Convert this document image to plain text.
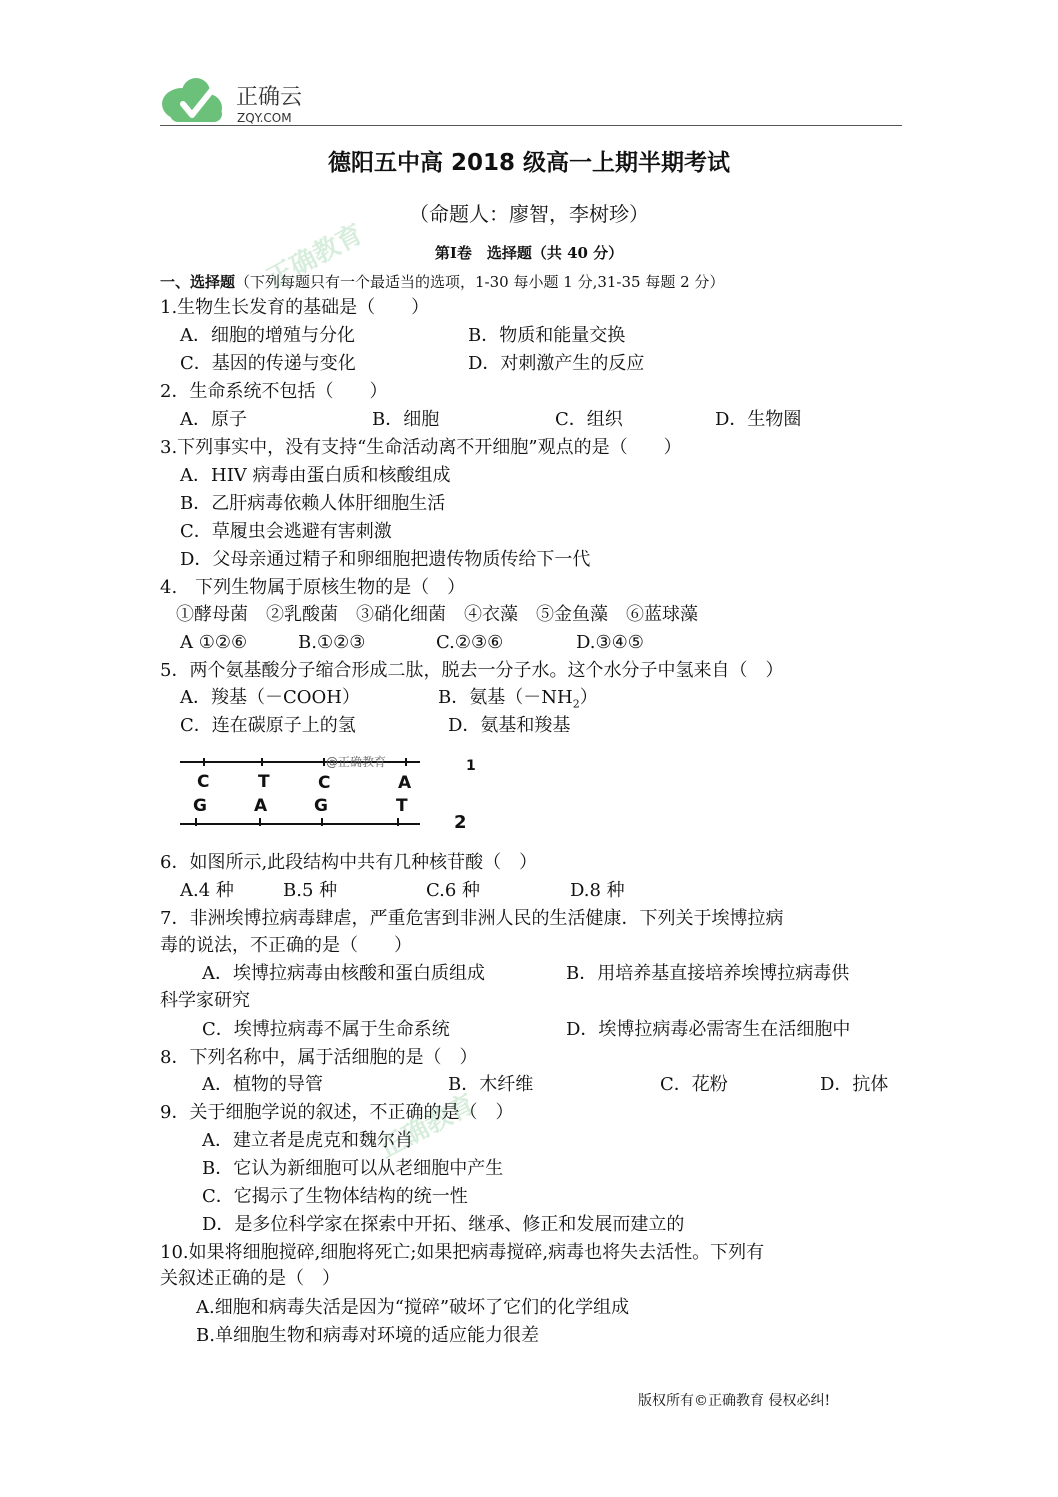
正确云
ZQY.COM
正确教育
正确教育
德阳五中高 2018 级高一上期半期考试
（命题人：廖智，李树珍）
第Ⅰ卷　选择题（共 40 分）
一、选择题（下列每题只有一个最适当的选项，1-30 每小题 1 分,31-35 每题 2 分）
1.生物生长发育的基础是（　　）
A．细胞的增殖与分化	B．物质和能量交换
C．基因的传递与变化	D．对刺激产生的反应
2．生命系统不包括（　　）
A．原子	B．细胞	C．组织	D．生物圈
3.下列事实中，没有支持“生命活动离不开细胞”观点的是（　　）
A．HIV 病毒由蛋白质和核酸组成
B．乙肝病毒依赖人体肝细胞生活
C．草履虫会逃避有害刺激
D．父母亲通过精子和卵细胞把遗传物质传给下一代
4.　下列生物属于原核生物的是（　）
①酵母菌　②乳酸菌　③硝化细菌　④衣藻　⑤金鱼藻　⑥蓝球藻
A ①②⑥	B.①②③	C.②③⑥	D.③④⑤
5．两个氨基酸分子缩合形成二肽，脱去一分子水。这个水分子中氢来自（　）
A．羧基（－COOH）	B．氨基$(-NH_2)$
C．连在碳原子上的氢	D．氨基和羧基
C	T	C	A
G	A	G	T
1
2
@正确教育
6．如图所示,此段结构中共有几种核苷酸（　）
A.4 种	B.5 种	C.6 种	D.8 种
7．非洲埃博拉病毒肆虐，严重危害到非洲人民的生活健康．下列关于埃博拉病
毒的说法，不正确的是（　　）
A．埃博拉病毒由核酸和蛋白质组成	B．用培养基直接培养埃博拉病毒供
科学家研究
C．埃博拉病毒不属于生命系统	D．埃博拉病毒必需寄生在活细胞中
8．下列名称中，属于活细胞的是（　）
A．植物的导管	B．木纤维	C．花粉	D．抗体
9．关于细胞学说的叙述，不正确的是（　）
A．建立者是虎克和魏尔肖
B．它认为新细胞可以从老细胞中产生
C．它揭示了生物体结构的统一性
D．是多位科学家在探索中开拓、继承、修正和发展而建立的
10.如果将细胞搅碎,细胞将死亡;如果把病毒搅碎,病毒也将失去活性。下列有
关叙述正确的是（　）
A.细胞和病毒失活是因为“搅碎”破坏了它们的化学组成
B.单细胞生物和病毒对环境的适应能力很差
版权所有©正确教育 侵权必纠!
